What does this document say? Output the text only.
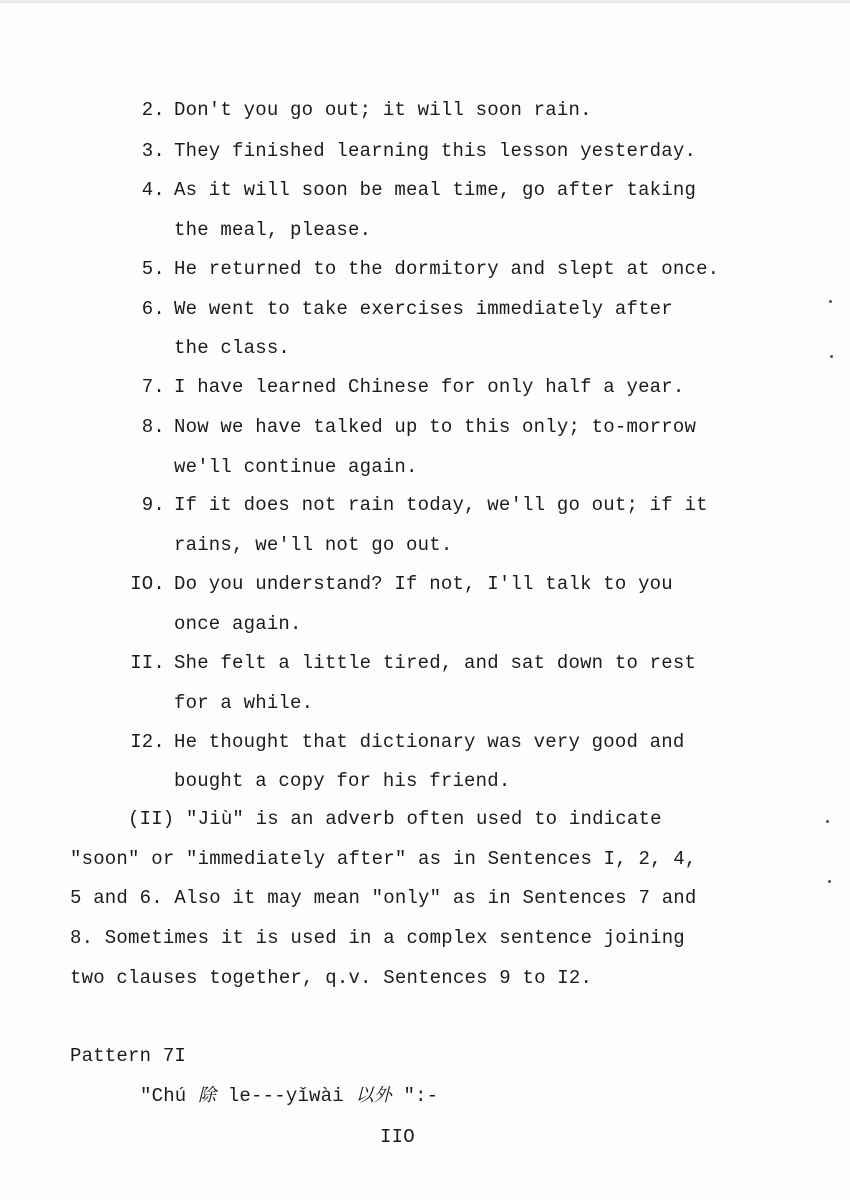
2. Don't you go out; it will soon rain.
3. They finished learning this lesson yesterday.
4. As it will soon be meal time, go after taking
the meal, please.
5. He returned to the dormitory and slept at once.
6. We went to take exercises immediately after
the class.
7. I have learned Chinese for only half a year.
8. Now we have talked up to this only; to-morrow
we'll continue again.
9. If it does not rain today, we'll go out; if it
rains, we'll not go out.
IO. Do you understand? If not, I'll talk to you
once again.
II. She felt a little tired, and sat down to rest
for a while.
I2. He thought that dictionary was very good and
bought a copy for his friend.
(II) "Jiù" is an adverb often used to indicate
"soon" or "immediately after" as in Sentences I, 2, 4,
5 and 6. Also it may mean "only" as in Sentences 7 and
8. Sometimes it is used in a complex sentence joining
two clauses together, q.v. Sentences 9 to I2.
Pattern 7I
"Chú 除 le---yǐwài 以外 ":-
IIO
